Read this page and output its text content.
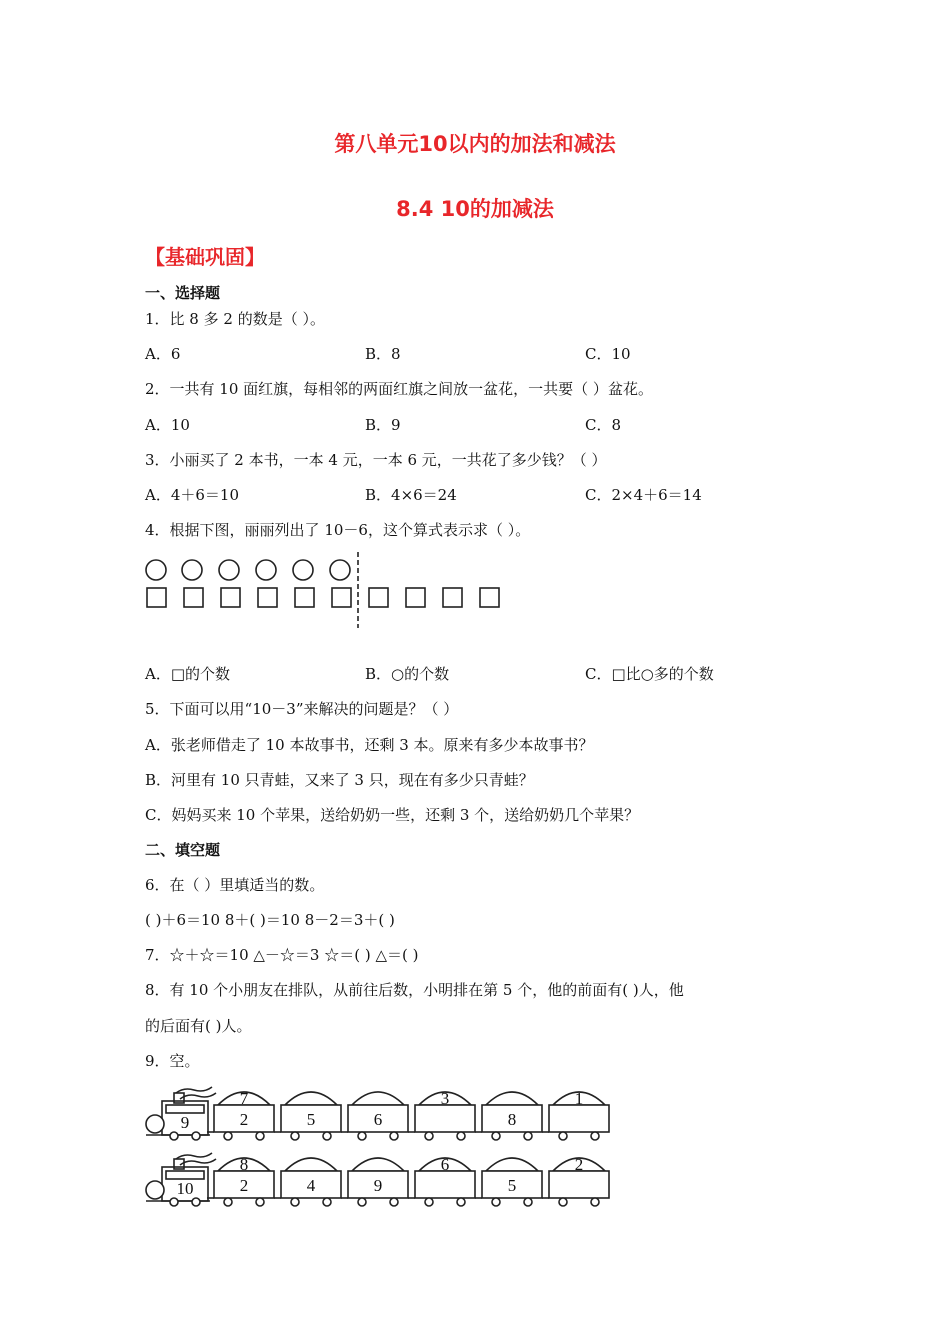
第八单元10以内的加法和减法
8.4 10的加减法
【基础巩固】
一、选择题
1．比 8 多 2 的数是（ ）。
A．6	B．8	C．10
2．一共有 10 面红旗，每相邻的两面红旗之间放一盆花，一共要（ ）盆花。
A．10	B．9	C．8
3．小丽买了 2 本书，一本 4 元，一本 6 元，一共花了多少钱？（ ）
A．4＋6＝10	B．4×6＝24	C．2×4＋6＝14
4．根据下图，丽丽列出了 10－6，这个算式表示求（ ）。
A．□的个数	B．○的个数	C．□比○多的个数
5．下面可以用“10－3”来解决的问题是？（ ）
A．张老师借走了 10 本故事书，还剩 3 本。原来有多少本故事书？
B．河里有 10 只青蛙，又来了 3 只，现在有多少只青蛙？
C．妈妈买来 10 个苹果，送给奶奶一些，还剩 3 个，送给奶奶几个苹果？
二、填空题
6．在（ ）里填适当的数。
( )＋6＝10 8＋( )＝10 8－2＝3＋( )
7．☆＋☆＝10 △－☆＝3 ☆＝( ) △＝( )
8．有 10 个小朋友在排队，从前往后数，小明排在第 5 个，他的前面有( )人，他
的后面有( )人。
9．空。
9
7
2	5	6
3
8
1
10
8
2	4	9
6
5
2
